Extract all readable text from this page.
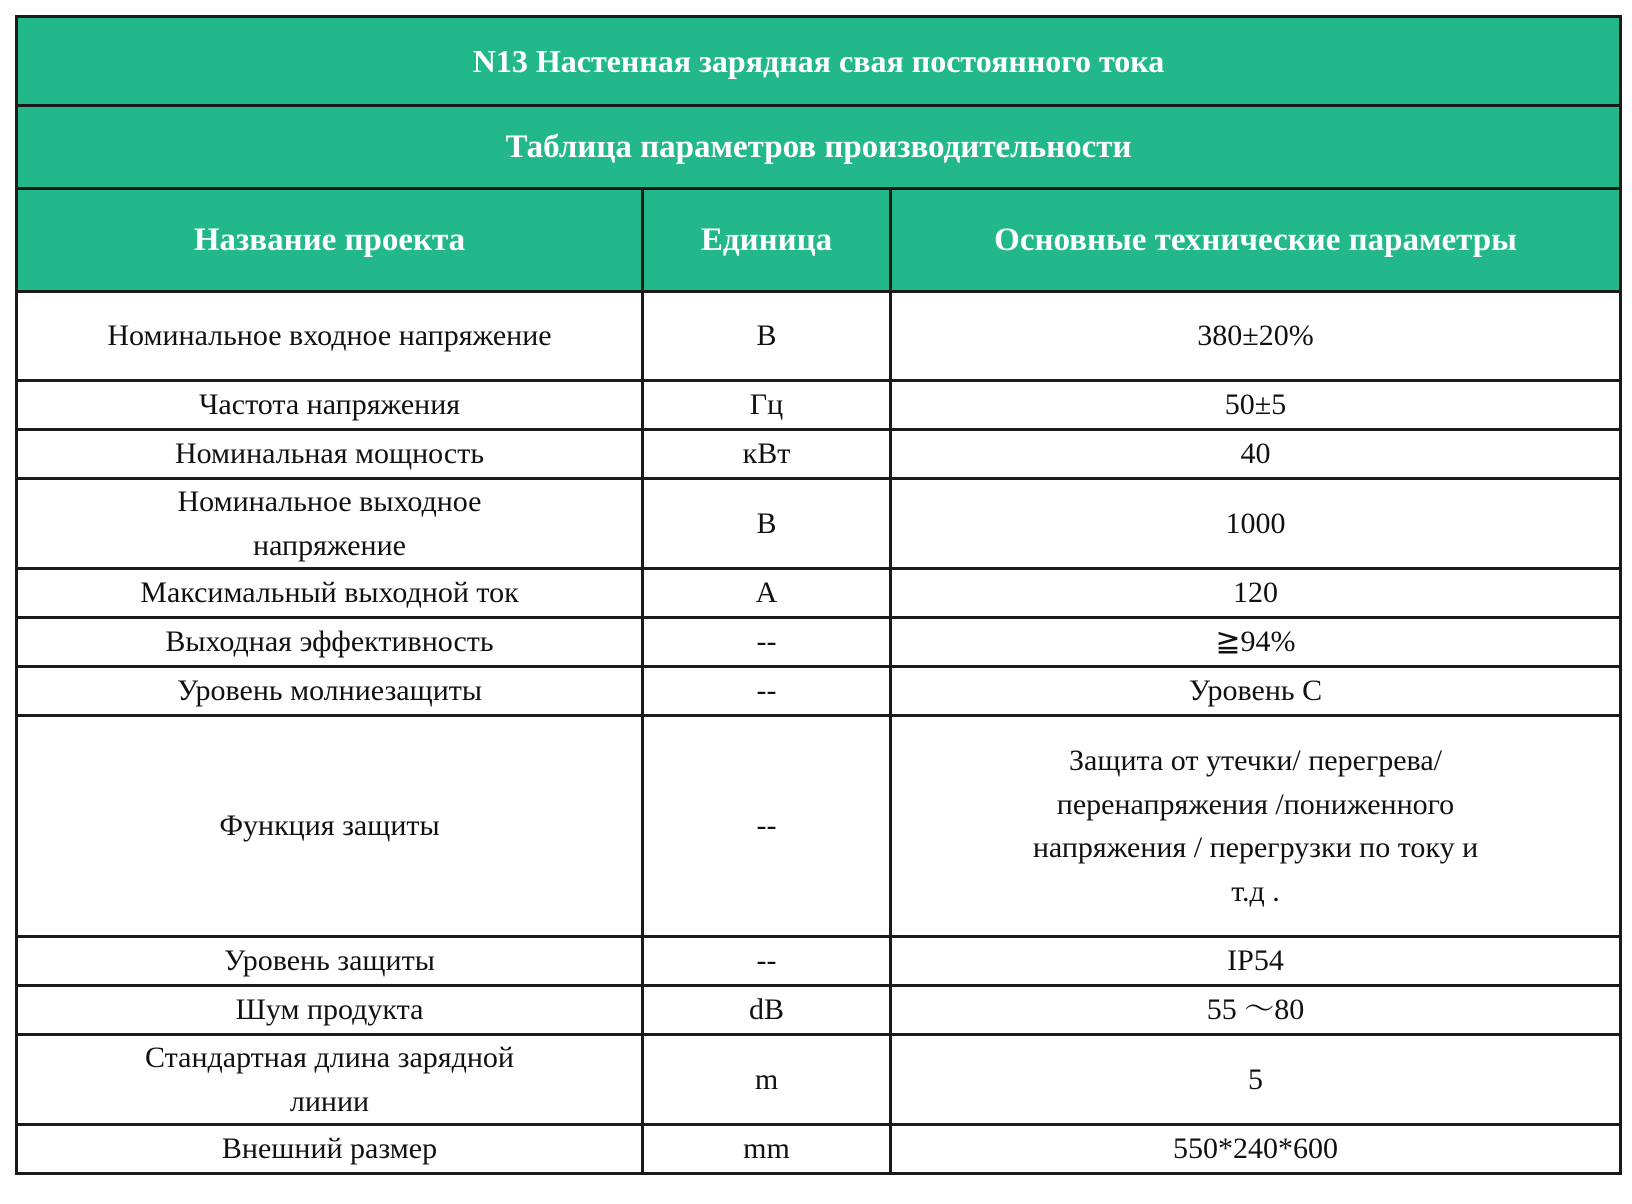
N13 Настенная зарядная свая постоянного тока		
Таблица параметров производительности		
Название проекта	Единица	Основные технические параметры
Номинальное входное напряжение	В	380±20%
Частота напряжения	Гц	50±5
Номинальная мощность	кВт	40
Номинальное выходное напряжение	В	1000
Максимальный выходной ток	А	120
Выходная эффективность	--	≧94%
Уровень молниезащиты	--	Уровень С
Функция защиты	--	Защита от утечки/ перегрева/ перенапряжения /пониженного напряжения / перегрузки по току и т.д .
Уровень защиты	--	IP54
Шум продукта	dB	55 ～80
Стандартная длина зарядной линии	m	5
Внешний размер	mm	550*240*600
